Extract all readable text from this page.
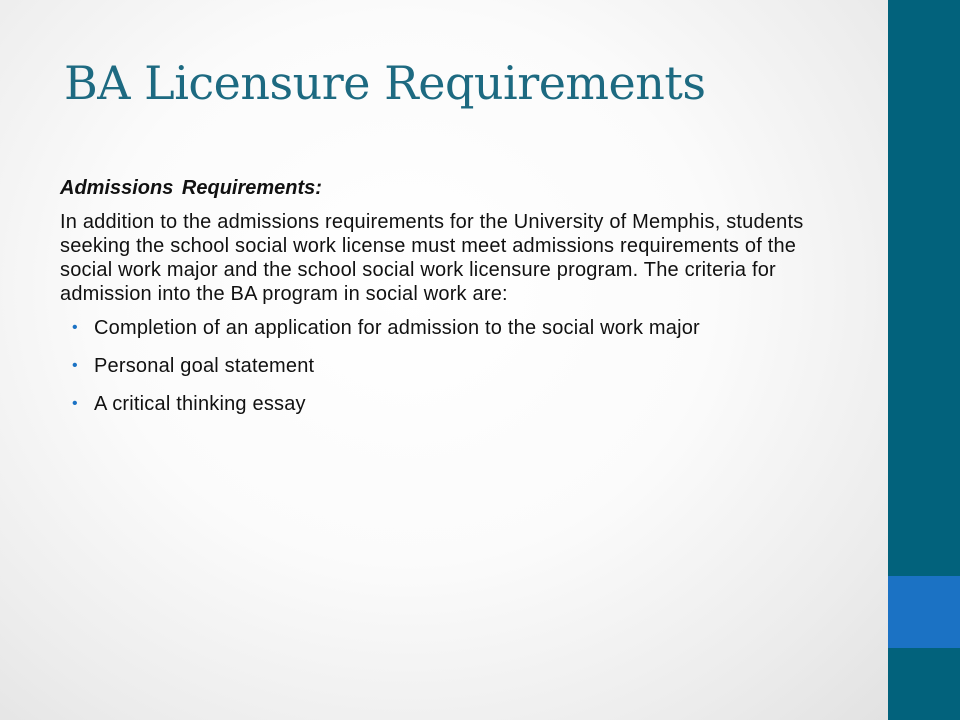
BA Licensure Requirements

Admissions Requirements:

In addition to the admissions requirements for the University of Memphis, students seeking the school social work license must meet admissions requirements of the social work major and the school social work licensure program. The criteria for admission into the BA program in social work are:

• Completion of an application for admission to the social work major
• Personal goal statement
• A critical thinking essay
